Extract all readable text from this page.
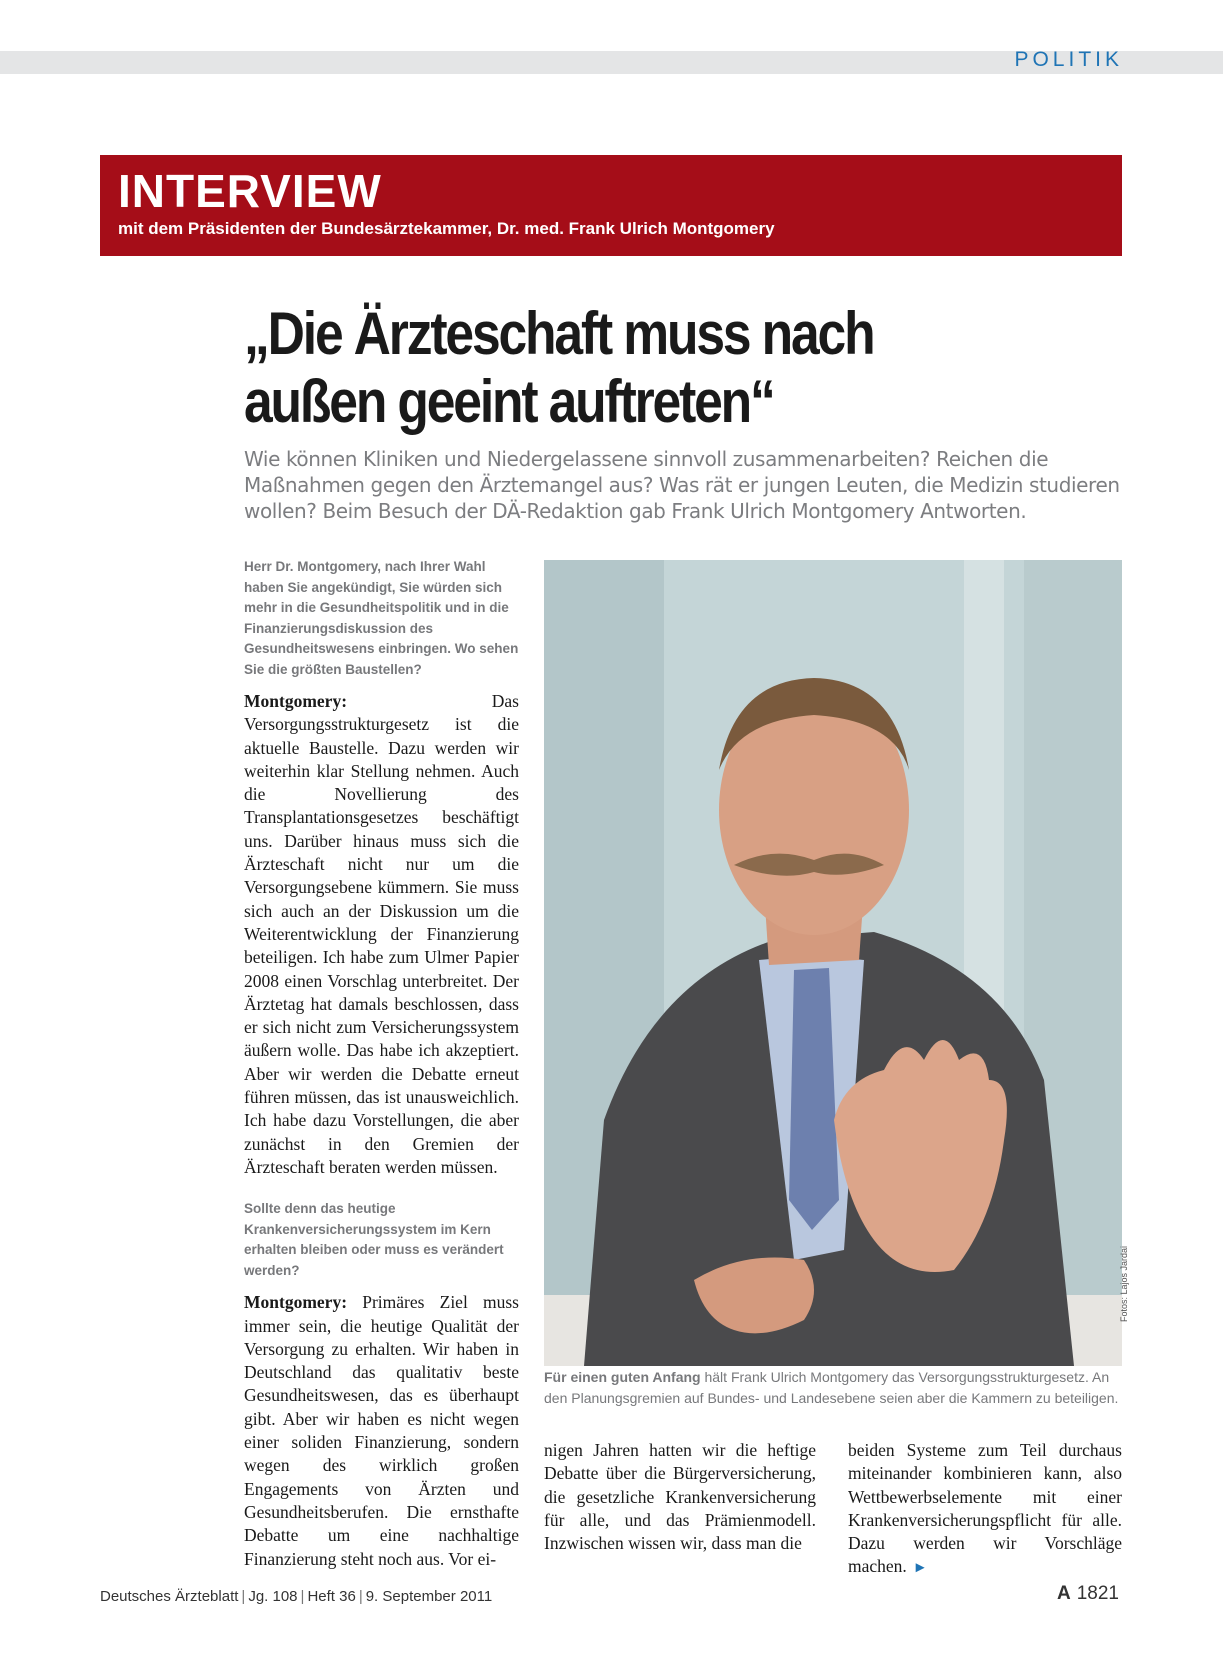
POLITIK
INTERVIEW
mit dem Präsidenten der Bundesärztekammer, Dr. med. Frank Ulrich Montgomery
„Die Ärzteschaft muss nach
außen geeint auftreten“
Wie können Kliniken und Niedergelassene sinnvoll zusammenarbeiten? Reichen die Maßnahmen gegen den Ärztemangel aus? Was rät er jungen Leuten, die Medizin studieren wollen? Beim Besuch der DÄ-Redaktion gab Frank Ulrich Montgomery Antworten.
Herr Dr. Montgomery, nach Ihrer Wahl haben Sie angekündigt, Sie würden sich mehr in die Gesundheitspolitik und in die Finanzierungsdiskussion des Gesundheitswesens einbringen. Wo sehen Sie die größten Baustellen?

Montgomery: Das Versorgungsstrukturgesetz ist die aktuelle Baustelle. Dazu werden wir weiterhin klar Stellung nehmen. Auch die Novellierung des Transplantationsgesetzes beschäftigt uns. Darüber hinaus muss sich die Ärzteschaft nicht nur um die Versorgungsebene kümmern. Sie muss sich auch an der Diskussion um die Weiterentwicklung der Finanzierung beteiligen. Ich habe zum Ulmer Papier 2008 einen Vorschlag unterbreitet. Der Ärztetag hat damals beschlossen, dass er sich nicht zum Versicherungssystem äußern wolle. Das habe ich akzeptiert. Aber wir werden die Debatte erneut führen müssen, das ist unausweichlich. Ich habe dazu Vorstellungen, die aber zunächst in den Gremien der Ärzteschaft beraten werden müssen.

Sollte denn das heutige Krankenversicherungssystem im Kern erhalten bleiben oder muss es verändert werden?

Montgomery: Primäres Ziel muss immer sein, die heutige Qualität der Versorgung zu erhalten. Wir haben in Deutschland das qualitativ beste Gesundheitswesen, das es überhaupt gibt. Aber wir haben es nicht wegen einer soliden Finanzierung, sondern wegen des wirklich großen Engagements von Ärzten und Gesundheitsberufen. Die ernsthafte Debatte um eine nachhaltige Finanzierung steht noch aus. Vor ei-

Fotos: Lajos Jardai
Für einen guten Anfang hält Frank Ulrich Montgomery das Versorgungsstrukturgesetz. An den Planungsgremien auf Bundes- und Landesebene seien aber die Kammern zu beteiligen.

nigen Jahren hatten wir die heftige Debatte über die Bürgerversicherung, die gesetzliche Krankenversicherung für alle, und das Prämienmodell. Inzwischen wissen wir, dass man die

beiden Systeme zum Teil durchaus miteinander kombinieren kann, also Wettbewerbselemente mit einer Krankenversicherungspflicht für alle. Dazu werden wir Vorschläge machen. ►

Deutsches Ärzteblatt | Jg. 108 | Heft 36 | 9. September 2011	A 1821
